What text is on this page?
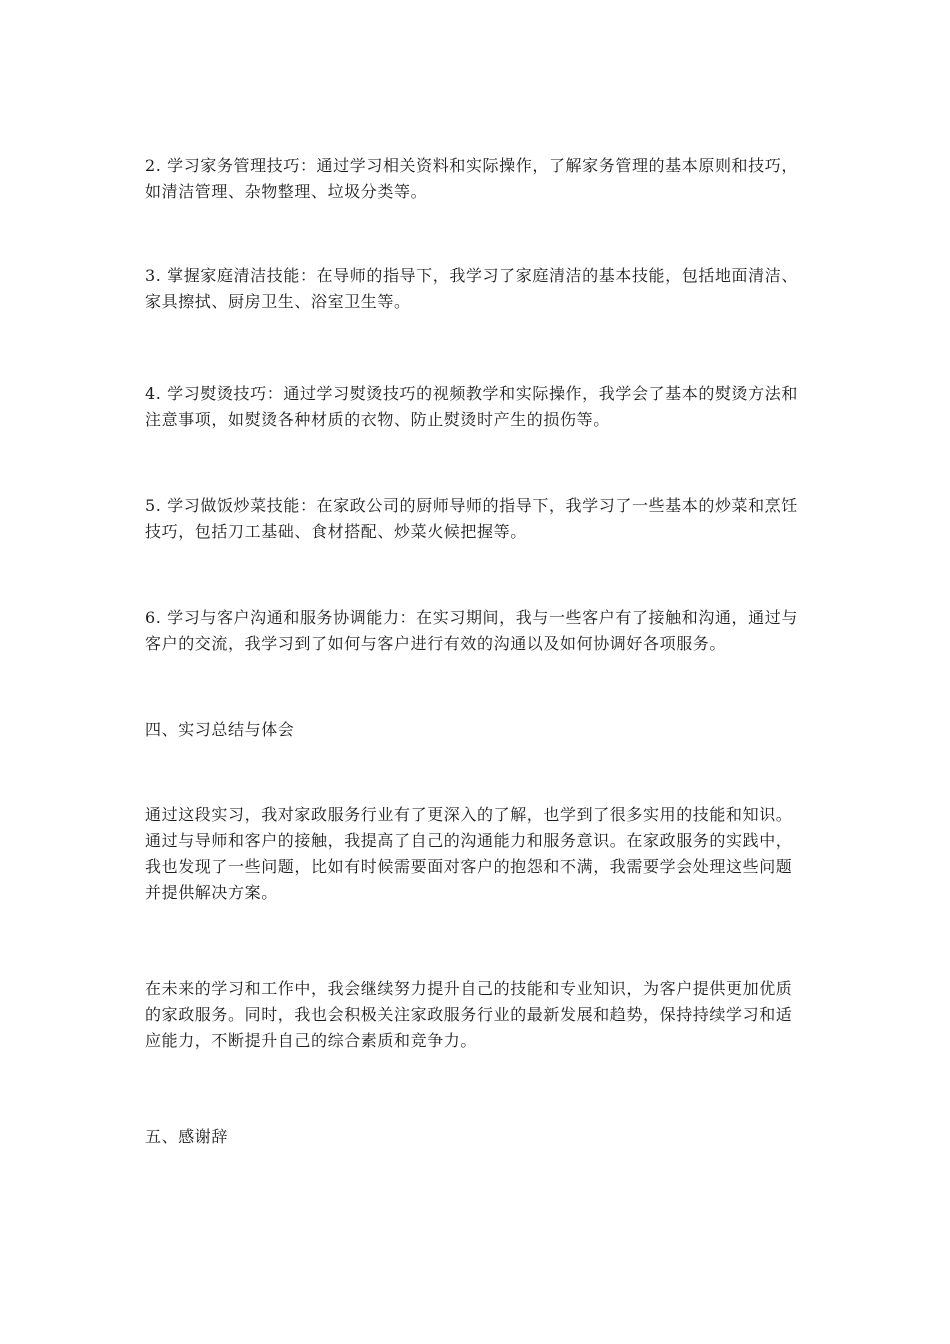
2. 学习家务管理技巧：通过学习相关资料和实际操作，了解家务管理的基本原则和技巧，如清洁管理、杂物整理、垃圾分类等。

3. 掌握家庭清洁技能：在导师的指导下，我学习了家庭清洁的基本技能，包括地面清洁、家具擦拭、厨房卫生、浴室卫生等。

4. 学习熨烫技巧：通过学习熨烫技巧的视频教学和实际操作，我学会了基本的熨烫方法和注意事项，如熨烫各种材质的衣物、防止熨烫时产生的损伤等。

5. 学习做饭炒菜技能：在家政公司的厨师导师的指导下，我学习了一些基本的炒菜和烹饪技巧，包括刀工基础、食材搭配、炒菜火候把握等。

6. 学习与客户沟通和服务协调能力：在实习期间，我与一些客户有了接触和沟通，通过与客户的交流，我学习到了如何与客户进行有效的沟通以及如何协调好各项服务。

四、实习总结与体会

通过这段实习，我对家政服务行业有了更深入的了解，也学到了很多实用的技能和知识。通过与导师和客户的接触，我提高了自己的沟通能力和服务意识。在家政服务的实践中，我也发现了一些问题，比如有时候需要面对客户的抱怨和不满，我需要学会处理这些问题并提供解决方案。

在未来的学习和工作中，我会继续努力提升自己的技能和专业知识，为客户提供更加优质的家政服务。同时，我也会积极关注家政服务行业的最新发展和趋势，保持持续学习和适应能力，不断提升自己的综合素质和竞争力。

五、感谢辞
